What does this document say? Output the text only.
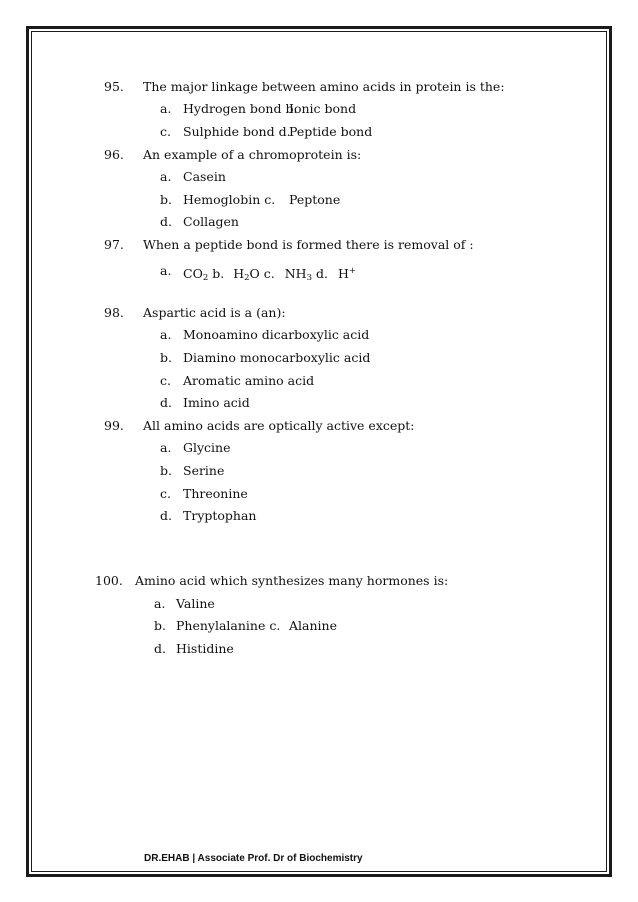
95. The major linkage between amino acids in protein is the:
a. Hydrogen bond b.
Ionic bond
c. Sulphide bond d.
Peptide bond
96. An example of a chromoprotein is:
a. Casein
b. Hemoglobin c. Peptone
d. Collagen
97. When a peptide bond is formed there is removal of :
a. $CO_2$ b. $H_2O$ c. $NH_3$ d. H+
98. Aspartic acid is a (an):
a. Monoamino dicarboxylic acid
b. Diamino monocarboxylic acid
c. Aromatic amino acid
d. Imino acid
99. All amino acids are optically active except:
a. Glycine
b. Serine
c. Threonine
d. Tryptophan
100. Amino acid which synthesizes many hormones is:
a. Valine
b. Phenylalanine c. Alanine
d. Histidine
DR.EHAB | Associate Prof. Dr of Biochemistry
